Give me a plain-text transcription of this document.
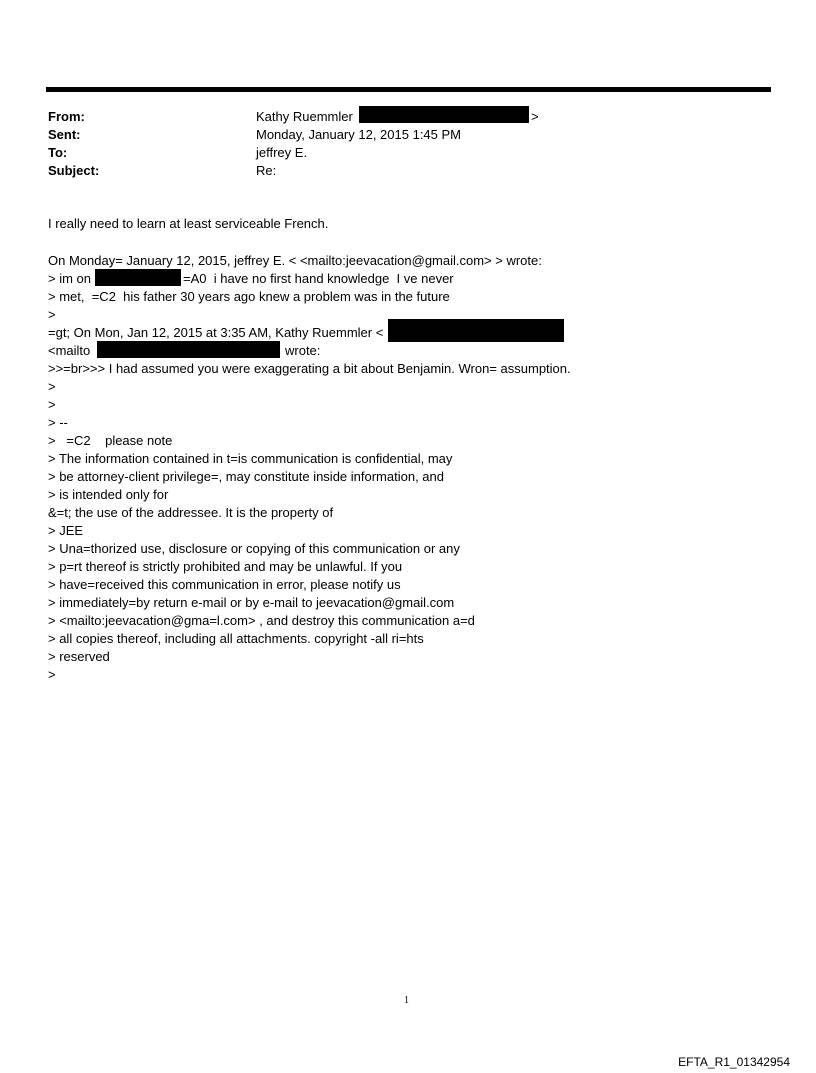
From:	Kathy Ruemmler	>
Sent:	Monday, January 12, 2015 1:45 PM
To:	jeffrey E.
Subject:	Re:
I really need to learn at least serviceable French.
On Monday= January 12, 2015, jeffrey E. < <mailto:jeevacation@gmail.com> > wrote:
> im on	=A0  i have no first hand knowledge  I ve never
> met,  =C2  his father 30 years ago knew a problem was in the future
>
=gt; On Mon, Jan 12, 2015 at 3:35 AM, Kathy Ruemmler <
<mailto	wrote:
>>=br>>> I had assumed you were exaggerating a bit about Benjamin. Wron= assumption.
>
>
> --
>   =C2    please note
> The information contained in t=is communication is confidential, may
> be attorney-client privilege=, may constitute inside information, and
> is intended only for
&=t; the use of the addressee. It is the property of
> JEE
> Una=thorized use, disclosure or copying of this communication or any
> p=rt thereof is strictly prohibited and may be unlawful. If you
> have=received this communication in error, please notify us
> immediately=by return e-mail or by e-mail to jeevacation@gmail.com
> <mailto:jeevacation@gma=l.com> , and destroy this communication a=d
> all copies thereof, including all attachments. copyright -all ri=hts
> reserved
>
1
EFTA_R1_01342954
